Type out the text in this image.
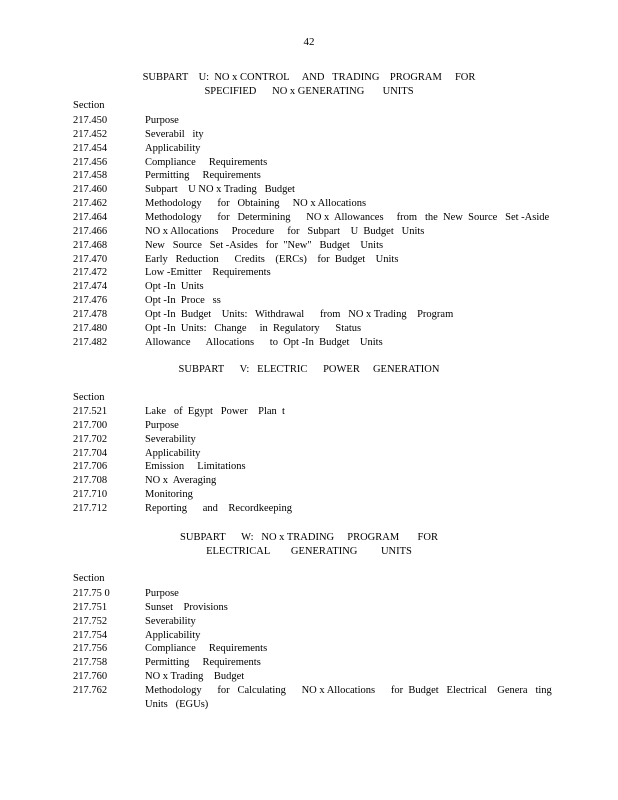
42
SUBPART    U:  NO x CONTROL     AND   TRADING    PROGRAM     FOR
SPECIFIED      NO x GENERATING       UNITS
Section
217.450	Purpose
217.452	Severabil   ity
217.454	Applicability
217.456	Compliance     Requirements
217.458	Permitting     Requirements
217.460	Subpart    U NO x Trading   Budget
217.462	Methodology      for   Obtaining     NO x Allocations
217.464	Methodology      for   Determining      NO x  Allowances     from   the  New  Source   Set -Aside
217.466	NO x Allocations     Procedure     for   Subpart    U  Budget   Units
217.468	New   Source   Set -Asides   for  "New"   Budget    Units
217.470	Early   Reduction      Credits    (ERCs)    for  Budget    Units
217.472	Low -Emitter    Requirements
217.474	Opt -In  Units
217.476	Opt -In  Proce   ss
217.478	Opt -In  Budget    Units:   Withdrawal      from   NO x Trading    Program
217.480	Opt -In  Units:   Change     in  Regulatory      Status
217.482	Allowance      Allocations      to  Opt -In  Budget    Units
SUBPART      V:   ELECTRIC      POWER     GENERATION
Section
217.521	Lake   of  Egypt   Power    Plan  t
217.700	Purpose
217.702	Severability
217.704	Applicability
217.706	Emission     Limitations
217.708	NO x  Averaging
217.710	Monitoring
217.712	Reporting      and    Recordkeeping
SUBPART      W:   NO x TRADING     PROGRAM       FOR
ELECTRICAL        GENERATING         UNITS
Section
217.75 0	Purpose
217.751	Sunset    Provisions
217.752	Severability
217.754	Applicability
217.756	Compliance     Requirements
217.758	Permitting     Requirements
217.760	NO x Trading    Budget
217.762	Methodology      for   Calculating      NO x Allocations      for  Budget   Electrical    Genera   ting
Units   (EGUs)
